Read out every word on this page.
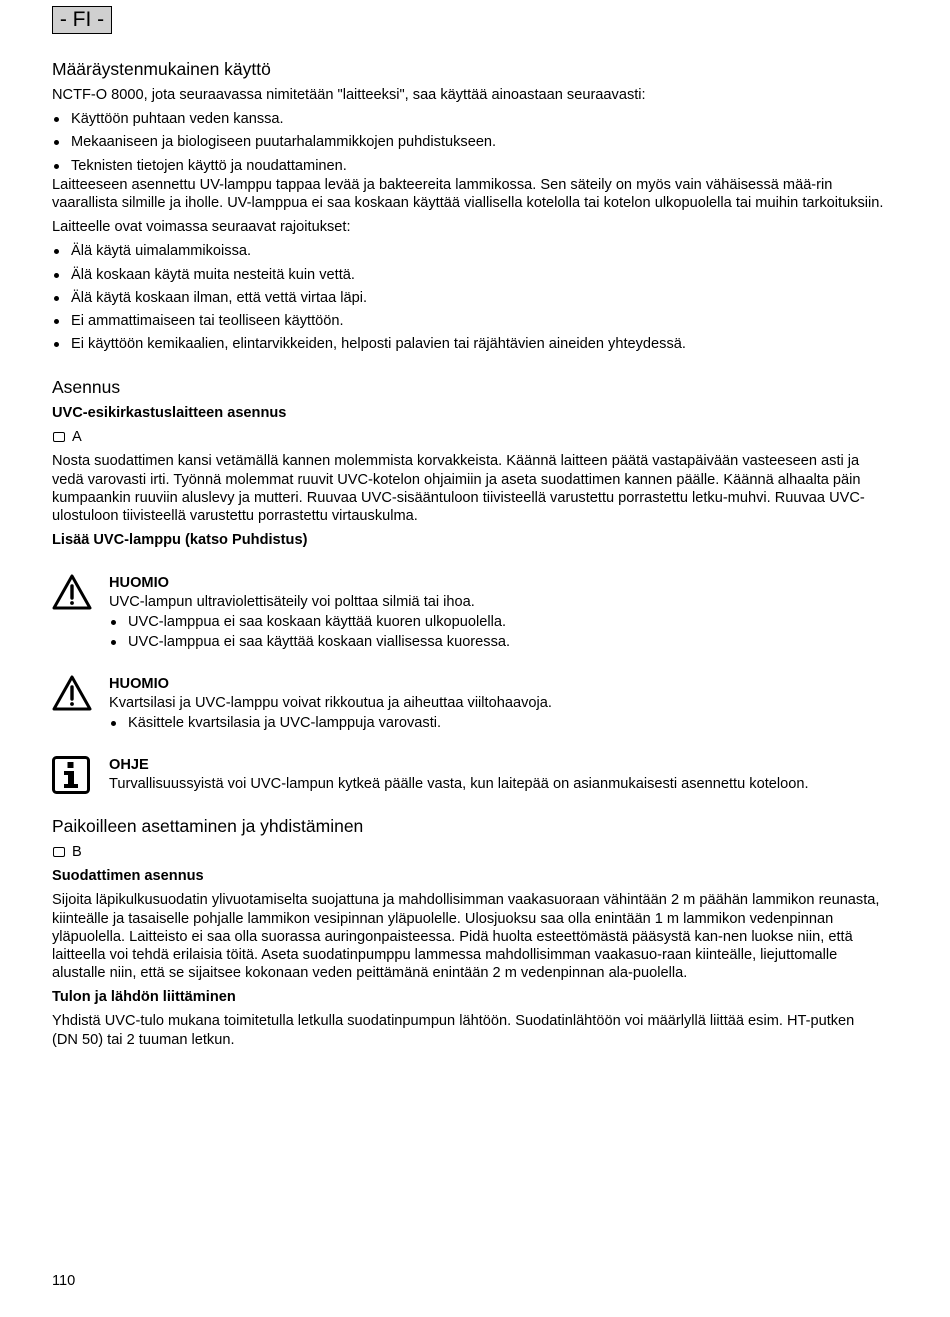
- FI -
Määräystenmukainen käyttö

NCTF-O 8000, jota seuraavassa nimitetään "laitteeksi", saa käyttää ainoastaan seuraavasti:

Käyttöön puhtaan veden kanssa.
Mekaaniseen ja biologiseen puutarhalammikkojen puhdistukseen.
Teknisten tietojen käyttö ja noudattaminen.

Laitteeseen asennettu UV-lamppu tappaa levää ja bakteereita lammikossa. Sen säteily on myös vain vähäisessä mää-rin vaarallista silmille ja iholle. UV-lamppua ei saa koskaan käyttää viallisella kotelolla tai kotelon ulkopuolella tai muihin tarkoituksiin.

Laitteelle ovat voimassa seuraavat rajoitukset:

Älä käytä uimalammikoissa.
Älä koskaan käytä muita nesteitä kuin vettä.
Älä käytä koskaan ilman, että vettä virtaa läpi.
Ei ammattimaiseen tai teolliseen käyttöön.
Ei käyttöön kemikaalien, elintarvikkeiden, helposti palavien tai räjähtävien aineiden yhteydessä.
Asennus
UVC-esikirkastuslaitteen asennus
A

Nosta suodattimen kansi vetämällä kannen molemmista korvakkeista. Käännä laitteen päätä vastapäivään vasteeseen asti ja vedä varovasti irti. Työnnä molemmat ruuvit UVC-kotelon ohjaimiin ja aseta suodattimen kannen päälle. Käännä alhaalta päin kumpaankin ruuviin aluslevy ja mutteri. Ruuvaa UVC-sisääntuloon tiivisteellä varustettu porrastettu letku-muhvi. Ruuvaa UVC-ulostuloon tiivisteellä varustettu porrastettu virtauskulma.

Lisää UVC-lamppu (katso Puhdistus)
HUOMIO

UVC-lampun ultraviolettisäteily voi polttaa silmiä tai ihoa.

UVC-lamppua ei saa koskaan käyttää kuoren ulkopuolella.
UVC-lamppua ei saa käyttää koskaan viallisessa kuoressa.
HUOMIO

Kvartsilasi ja UVC-lamppu voivat rikkoutua ja aiheuttaa viiltohaavoja.

Käsittele kvartsilasia ja UVC-lamppuja varovasti.
OHJE

Turvallisuussyistä voi UVC-lampun kytkeä päälle vasta, kun laitepää on asianmukaisesti asennettu koteloon.

Paikoilleen asettaminen ja yhdistäminen
B
Suodattimen asennus

Sijoita läpikulkusuodatin ylivuotamiselta suojattuna ja mahdollisimman vaakasuoraan vähintään 2 m päähän lammikon reunasta, kiinteälle ja tasaiselle pohjalle lammikon vesipinnan yläpuolelle. Ulosjuoksu saa olla enintään 1 m lammikon vedenpinnan yläpuolella. Laitteisto ei saa olla suorassa auringonpaisteessa. Pidä huolta esteettömästä pääsystä kan-nen luokse niin, että laitteella voi tehdä erilaisia töitä. Aseta suodatinpumppu lammessa mahdollisimman vaakasuo-raan kiinteälle, liejuttomalle alustalle niin, että se sijaitsee kokonaan veden peittämänä enintään 2 m vedenpinnan ala-puolella.

Tulon ja lähdön liittäminen

Yhdistä UVC-tulo mukana toimitetulla letkulla suodatinpumpun lähtöön. Suodatinlähtöön voi määrlyllä liittää esim. HT-putken (DN 50) tai 2 tuuman letkun.

110
